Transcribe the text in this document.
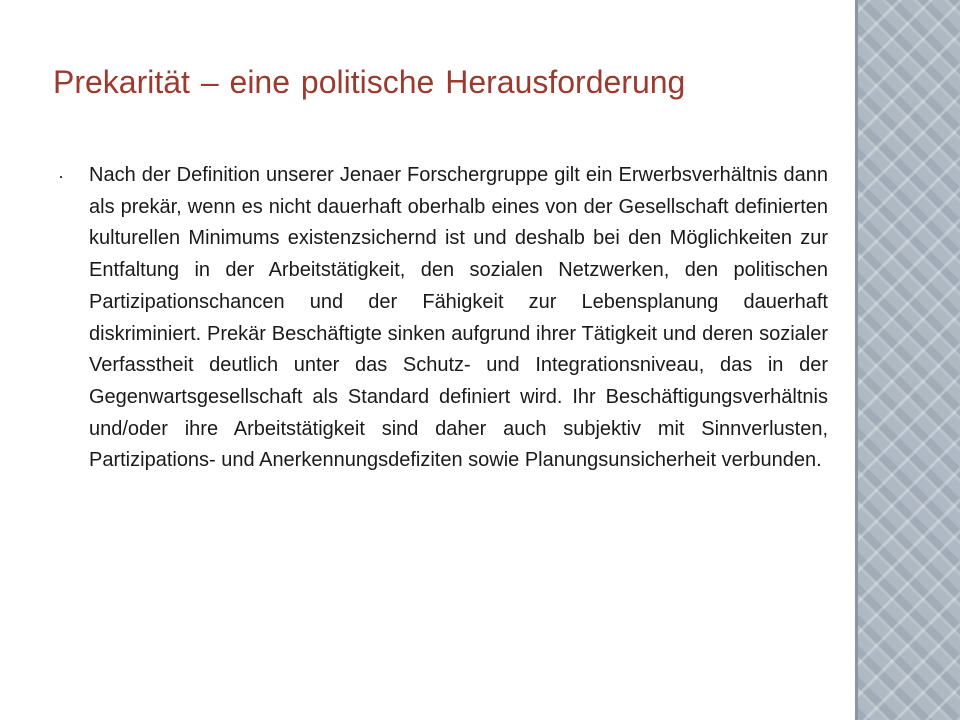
Prekarität – eine politische Herausforderung
· Nach der Definition unserer Jenaer Forschergruppe gilt ein Erwerbsverhältnis dann als prekär, wenn es nicht dauerhaft oberhalb eines von der Gesellschaft definierten kulturellen Minimums existenzsichernd ist und deshalb bei den Möglichkeiten zur Entfaltung in der Arbeitstätigkeit, den sozialen Netzwerken, den politischen Partizipationschancen und der Fähigkeit zur Lebensplanung dauerhaft diskriminiert. Prekär Beschäftigte sinken aufgrund ihrer Tätigkeit und deren sozialer Verfasstheit deutlich unter das Schutz- und Integrationsniveau, das in der Gegenwartsgesellschaft als Standard definiert wird. Ihr Beschäftigungsverhältnis und/oder ihre Arbeitstätigkeit sind daher auch subjektiv mit Sinnverlusten, Partizipations- und Anerkennungsdefiziten sowie Planungsunsicherheit verbunden.
